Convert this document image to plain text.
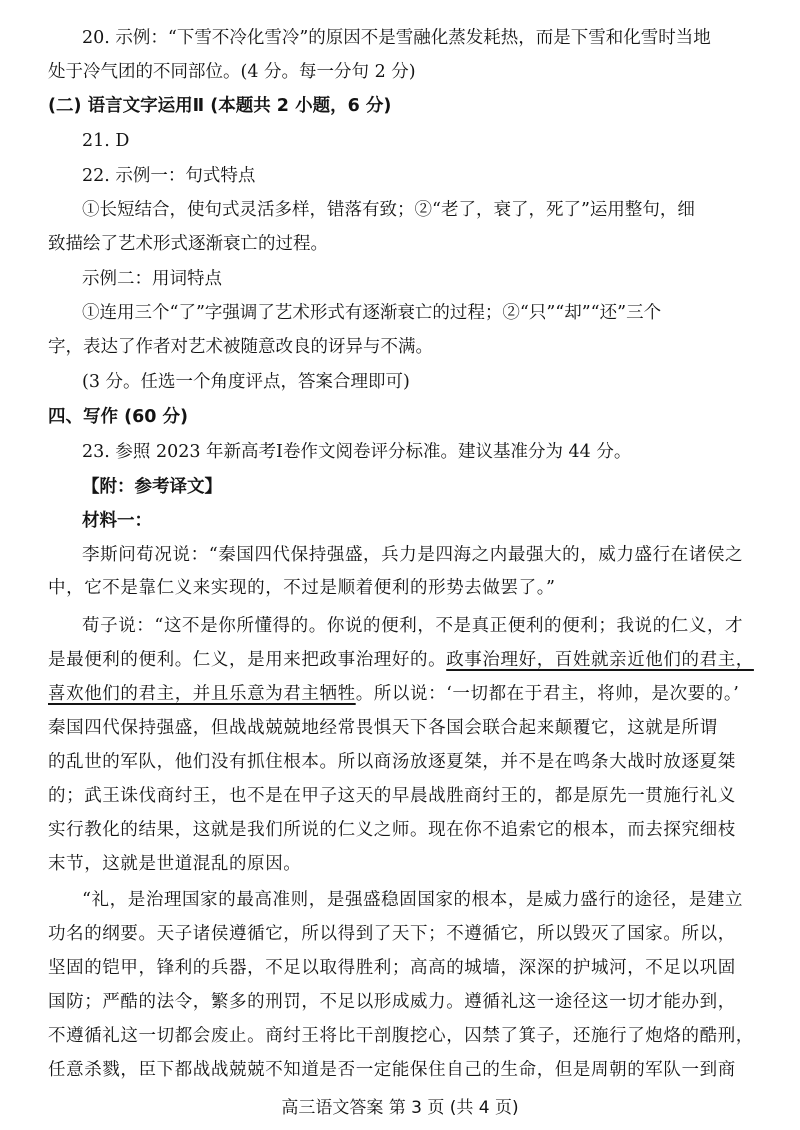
20. 示例：“下雪不冷化雪冷”的原因不是雪融化蒸发耗热，而是下雪和化雪时当地
处于冷气团的不同部位。(4 分。每一分句 2 分)
(二) 语言文字运用Ⅱ (本题共 2 小题，6 分)
21. D
22. 示例一：句式特点
①长短结合，使句式灵活多样，错落有致；②“老了，衰了，死了”运用整句，细
致描绘了艺术形式逐渐衰亡的过程。
示例二：用词特点
①连用三个“了”字强调了艺术形式有逐渐衰亡的过程；②“只”“却”“还”三个
字，表达了作者对艺术被随意改良的讶异与不满。
(3 分。任选一个角度评点，答案合理即可)
四、写作 (60 分)
23. 参照 2023 年新高考Ⅰ卷作文阅卷评分标准。建议基准分为 44 分。
【附：参考译文】
材料一：
李斯问荀况说：“秦国四代保持强盛，兵力是四海之内最强大的，威力盛行在诸侯之
中，它不是靠仁义来实现的，不过是顺着便利的形势去做罢了。”
荀子说：“这不是你所懂得的。你说的便利，不是真正便利的便利；我说的仁义，才
是最便利的便利。仁义，是用来把政事治理好的。政事治理好，百姓就亲近他们的君主，
喜欢他们的君主，并且乐意为君主牺牲。所以说：‘一切都在于君主，将帅，是次要的。’
秦国四代保持强盛，但战战兢兢地经常畏惧天下各国会联合起来颠覆它，这就是所谓
的乱世的军队，他们没有抓住根本。所以商汤放逐夏桀，并不是在鸣条大战时放逐夏桀
的；武王诛伐商纣王，也不是在甲子这天的早晨战胜商纣王的，都是原先一贯施行礼义
实行教化的结果，这就是我们所说的仁义之师。现在你不追索它的根本，而去探究细枝
末节，这就是世道混乱的原因。
“礼，是治理国家的最高准则，是强盛稳固国家的根本，是威力盛行的途径，是建立
功名的纲要。天子诸侯遵循它，所以得到了天下；不遵循它，所以毁灭了国家。所以，
坚固的铠甲，锋利的兵器，不足以取得胜利；高高的城墙，深深的护城河，不足以巩固
国防；严酷的法令，繁多的刑罚，不足以形成威力。遵循礼这一途径这一切才能办到，
不遵循礼这一切都会废止。商纣王将比干剖腹挖心，囚禁了箕子，还施行了炮烙的酷刑，
任意杀戮，臣下都战战兢兢不知道是否一定能保住自己的生命，但是周朝的军队一到商
高三语文答案 第 3 页 (共 4 页)
